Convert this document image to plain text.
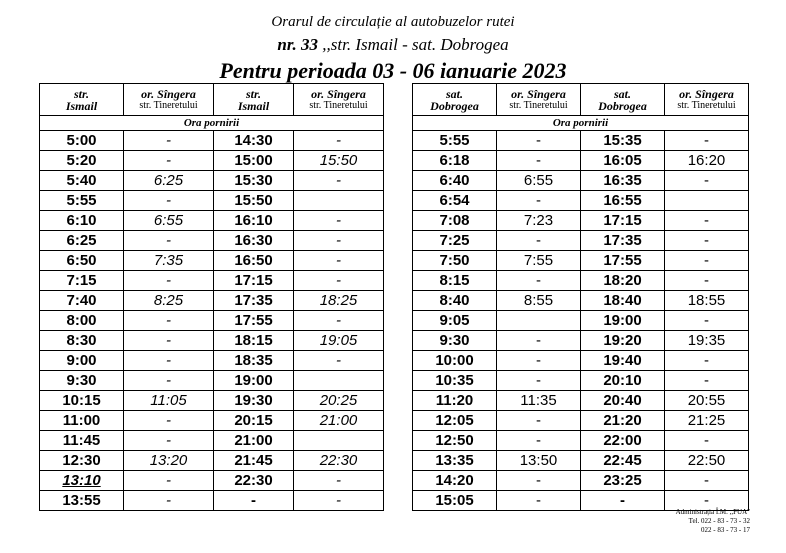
Orarul de circulație al autobuzelor rutei
nr. 33 ,,str. Ismail - sat. Dobrogea
Pentru perioada 03 - 06 ianuarie 2023
str.
Ismail	or. Sîngera
str. Tineretului	str.
Ismail	or. Sîngera
str. Tineretului

Ora pornirii			
5:00	-	14:30	-
5:20	-	15:00	15:50
5:40	6:25	15:30	-
5:55	-	15:50	
6:10	6:55	16:10	-
6:25	-	16:30	-
6:50	7:35	16:50	-
7:15	-	17:15	-
7:40	8:25	17:35	18:25
8:00	-	17:55	-
8:30	-	18:15	19:05
9:00	-	18:35	-
9:30	-	19:00	
10:15	11:05	19:30	20:25
11:00	-	20:15	21:00
11:45	-	21:00	
12:30	13:20	21:45	22:30
13:10	-	22:30	-
13:55	-	-	-
sat.
Dobrogea	or. Sîngera
str. Tineretului	sat.
Dobrogea	or. Sîngera
str. Tineretului

Ora pornirii			
5:55	-	15:35	-
6:18	-	16:05	16:20
6:40	6:55	16:35	-
6:54	-	16:55	
7:08	7:23	17:15	-
7:25	-	17:35	-
7:50	7:55	17:55	-
8:15	-	18:20	-
8:40	8:55	18:40	18:55
9:05		19:00	-
9:30	-	19:20	19:35
10:00	-	19:40	-
10:35	-	20:10	-
11:20	11:35	20:40	20:55
12:05	-	21:20	21:25
12:50	-	22:00	-
13:35	13:50	22:45	22:50
14:20	-	23:25	-
15:05	-	-	-
Administrația Î.M. ,,PUA"
Tel. 022 - 83 - 73 - 32
022 - 83 - 73 - 17
